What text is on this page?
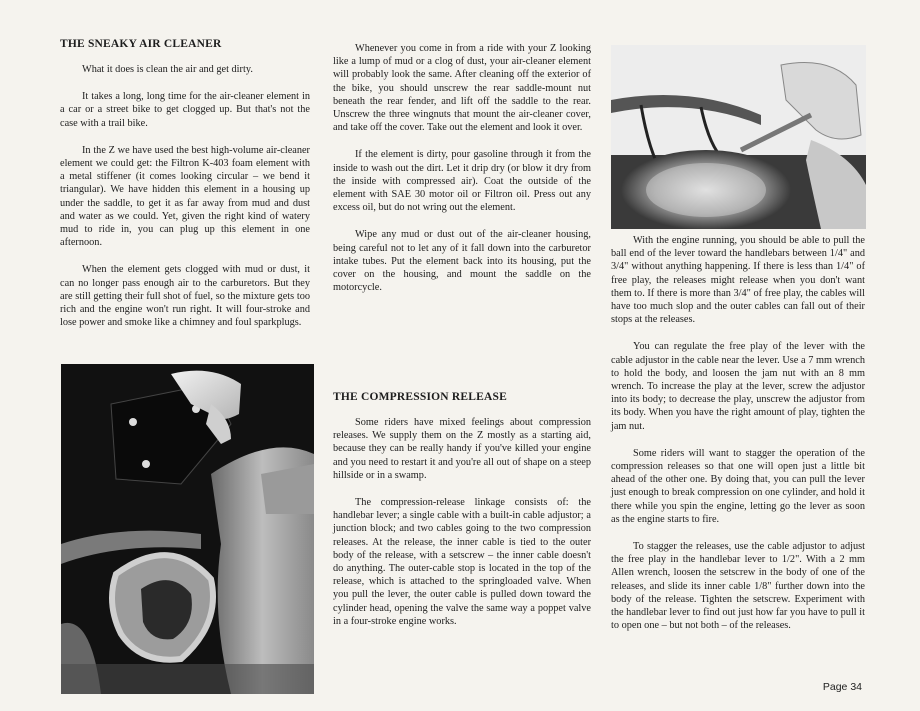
THE SNEAKY AIR CLEANER

What it does is clean the air and get dirty.

It takes a long, long time for the air-cleaner element in a car or a street bike to get clogged up. But that's not the case with a trail bike.

In the Z we have used the best high-volume air-cleaner element we could get: the Filtron K-403 foam element with a metal stiffener (it comes looking circular – we bend it triangular). We have hidden this element in a housing up under the saddle, to get it as far away from mud and dust and water as we could. Yet, given the right kind of watery mud to ride in, you can plug up this element in one afternoon.

When the element gets clogged with mud or dust, it can no longer pass enough air to the carburetors. But they are still getting their full shot of fuel, so the mixture gets too rich and the engine won't run right. It will four-stroke and lose power and smoke like a chimney and foul sparkplugs.

Whenever you come in from a ride with your Z looking like a lump of mud or a clog of dust, your air-cleaner element will probably look the same. After cleaning off the exterior of the bike, you should unscrew the rear saddle-mount nut beneath the rear fender, and lift off the saddle to the rear. Unscrew the three wingnuts that mount the air-cleaner cover, and take off the cover. Take out the element and look it over.

If the element is dirty, pour gasoline through it from the inside to wash out the dirt. Let it drip dry (or blow it dry from the inside with compressed air). Coat the outside of the element with SAE 30 motor oil or Filtron oil. Press out any excess oil, but do not wring out the element.

Wipe any mud or dust out of the air-cleaner housing, being careful not to let any of it fall down into the carburetor intake tubes. Put the element back into its housing, put the cover on the housing, and mount the saddle on the motorcycle.

THE COMPRESSION RELEASE

Some riders have mixed feelings about compression releases. We supply them on the Z mostly as a starting aid, because they can be really handy if you've killed your engine and you need to restart it and you're all out of shape on a steep hillside or in a swamp.

The compression-release linkage consists of: the handlebar lever; a single cable with a built-in cable adjustor; a junction block; and two cables going to the two compression releases. At the release, the inner cable is tied to the outer body of the release, with a setscrew – the inner cable doesn't do anything. The outer-cable stop is located in the top of the release, which is attached to the springloaded valve. When you pull the lever, the outer cable is pulled down toward the cylinder head, opening the valve the same way a poppet valve in a four-stroke engine works.

With the engine running, you should be able to pull the ball end of the lever toward the handlebars between 1/4" and 3/4" without anything happening. If there is less than 1/4" of free play, the releases might release when you don't want them to. If there is more than 3/4" of free play, the cables will have too much slop and the outer cables can fall out of their stops at the releases.

You can regulate the free play of the lever with the cable adjustor in the cable near the lever. Use a 7 mm wrench to hold the body, and loosen the jam nut with an 8 mm wrench. To increase the play at the lever, screw the adjustor into its body; to decrease the play, unscrew the adjustor from its body. When you have the right amount of play, tighten the jam nut.

Some riders will want to stagger the operation of the compression releases so that one will open just a little bit ahead of the other one. By doing that, you can pull the lever just enough to break compression on one cylinder, and hold it there while you spin the engine, letting go the lever as soon as the engine starts to fire.

To stagger the releases, use the cable adjustor to adjust the free play in the handlebar lever to 1/2". With a 2 mm Allen wrench, loosen the setscrew in the body of one of the releases, and slide its inner cable 1/8" further down into the body of the release. Tighten the setscrew. Experiment with the handlebar lever to find out just how far you have to pull it to open one – but not both – of the releases.

Page 34
